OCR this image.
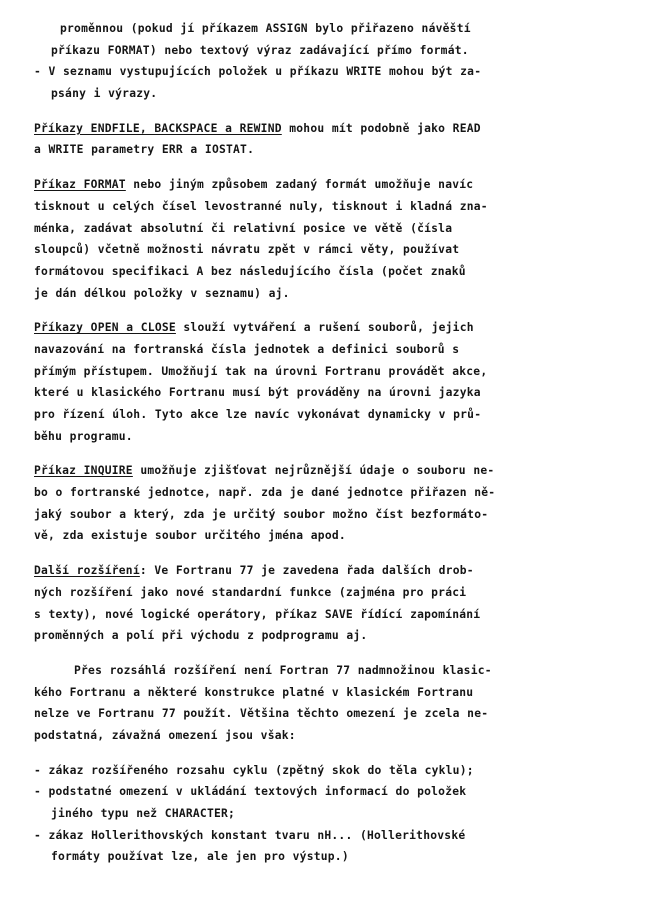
proměnnou (pokud jí příkazem ASSIGN bylo přiřazeno návěští
příkazu FORMAT) nebo textový výraz zadávající přímo formát.
- V seznamu vystupujících položek u příkazu WRITE mohou být za-
psány i výrazy.

Příkazy ENDFILE, BACKSPACE a REWIND mohou mít podobně jako READ
a WRITE parametry ERR a IOSTAT.

Příkaz FORMAT nebo jiným způsobem zadaný formát umožňuje navíc
tisknout u celých čísel levostranné nuly, tisknout i kladná zna-
ménka, zadávat absolutní či relativní posice ve větě (čísla
sloupců) včetně možnosti návratu zpět v rámci věty, používat
formátovou specifikaci A bez následujícího čísla (počet znaků
je dán délkou položky v seznamu) aj.

Příkazy OPEN a CLOSE slouží vytváření a rušení souborů, jejich
navazování na fortranská čísla jednotek a definici souborů s
přímým přístupem. Umožňují tak na úrovni Fortranu provádět akce,
které u klasického Fortranu musí být prováděny na úrovni jazyka
pro řízení úloh. Tyto akce lze navíc vykonávat dynamicky v prů-
běhu programu.

Příkaz INQUIRE umožňuje zjišťovat nejrůznější údaje o souboru ne-
bo o fortranské jednotce, např. zda je dané jednotce přiřazen ně-
jaký soubor a který, zda je určitý soubor možno číst bezformáto-
vě, zda existuje soubor určitého jména apod.

Další rozšíření: Ve Fortranu 77 je zavedena řada dalších drob-
ných rozšíření jako nové standardní funkce (zajména pro práci
s texty), nové logické operátory, příkaz SAVE řídící zapomínání
proměnných a polí při východu z podprogramu aj.

Přes rozsáhlá rozšíření není Fortran 77 nadmnožinou klasic-
kého Fortranu a některé konstrukce platné v klasickém Fortranu
nelze ve Fortranu 77 použít. Většina těchto omezení je zcela ne-
podstatná, závažná omezení jsou však:

- zákaz rozšířeného rozsahu cyklu (zpětný skok do těla cyklu);
- podstatné omezení v ukládání textových informací do položek
jiného typu než CHARACTER;
- zákaz Hollerithovských konstant tvaru nH... (Hollerithovské
formáty používat lze, ale jen pro výstup.)
